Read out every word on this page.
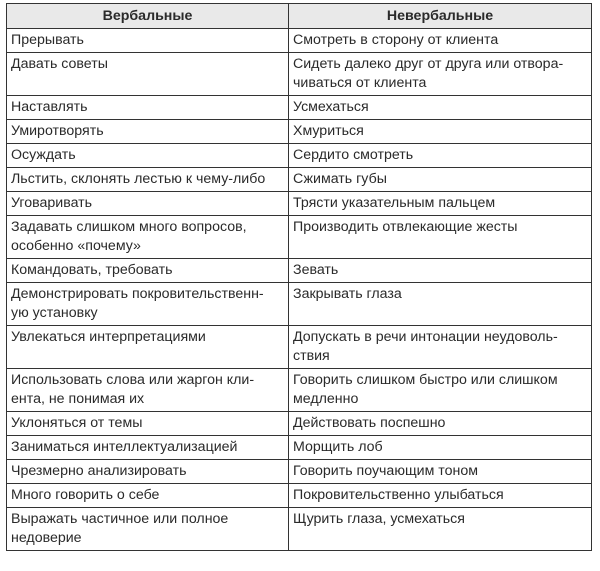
Вербальные	Невербальные
Прерывать	Смотреть в сторону от клиента
Давать советы	Сидеть далеко друг от друга или отвора-
чиваться от клиента
Наставлять	Усмехаться
Умиротворять	Хмуриться
Осуждать	Сердито смотреть
Льстить, склонять лестью к чему-либо	Сжимать губы
Уговаривать	Трясти указательным пальцем
Задавать слишком много вопросов,
особенно «почему»	Производить отвлекающие жесты
Командовать, требовать	Зевать
Демонстрировать покровительственн-
ую установку	Закрывать глаза
Увлекаться интерпретациями	Допускать в речи интонации неудоволь-
ствия
Использовать слова или жаргон кли-
ента, не понимая их	Говорить слишком быстро или слишком
медленно
Уклоняться от темы	Действовать поспешно
Заниматься интеллектуализацией	Морщить лоб
Чрезмерно анализировать	Говорить поучающим тоном
Много говорить о себе	Покровительственно улыбаться
Выражать частичное или полное
недоверие	Щурить глаза, усмехаться
